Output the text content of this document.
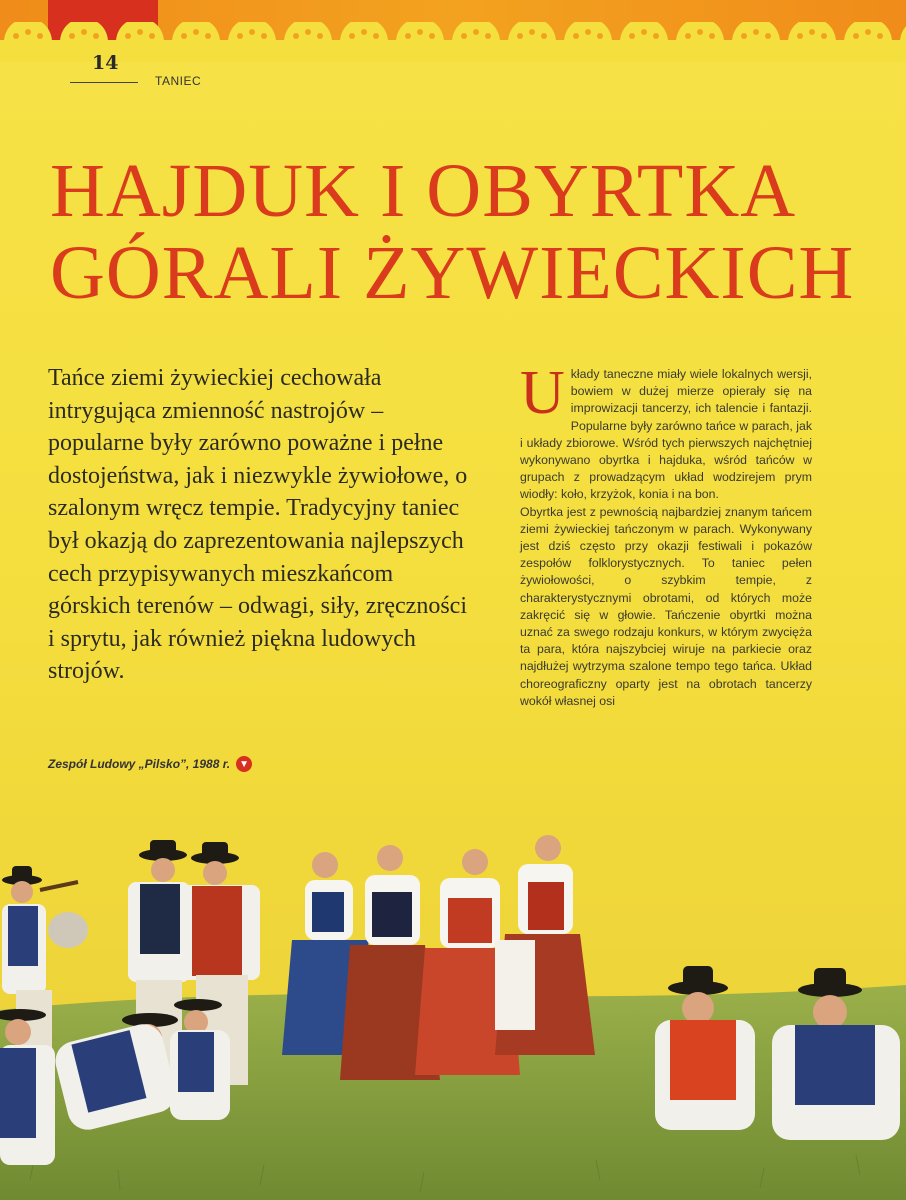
14
TANIEC
HAJDUK I OBYRTKA
GÓRALI ŻYWIECKICH
Tańce ziemi żywieckiej cechowała intrygująca zmienność nastrojów – popularne były zarówno poważne i pełne dostojeństwa, jak i niezwykle żywiołowe, o szalonym wręcz tempie. Tradycyjny taniec był okazją do zaprezentowania najlepszych cech przypisywanych mieszkańcom górskich terenów – odwagi, siły, zręczności i sprytu, jak również piękna ludowych strojów.
Zespół Ludowy „Pilsko”, 1988 r. ▼

Układy taneczne miały wiele lokalnych wersji, bowiem w dużej mierze opierały się na improwizacji tancerzy, ich talencie i fantazji. Popularne były zarówno tańce w parach, jak i układy zbiorowe. Wśród tych pierwszych najchętniej wykonywano obyrtka i hajduka, wśród tańców w grupach z prowadzącym układ wodzirejem prym wiodły: koło, krzyżok, konia i na bon.

Obyrtka jest z pewnością najbardziej znanym tańcem ziemi żywieckiej tańczonym w parach. Wykonywany jest dziś często przy okazji festiwali i pokazów zespołów folklorystycznych. To taniec pełen żywiołowości, o szybkim tempie, z charakterystycznymi obrotami, od których może zakręcić się w głowie. Tańczenie obyrtki można uznać za swego rodzaju konkurs, w którym zwycięża ta para, która najszybciej wiruje na parkiecie oraz najdłużej wytrzyma szalone tempo tego tańca. Układ choreograficzny oparty jest na obrotach tancerzy wokół własnej osi
